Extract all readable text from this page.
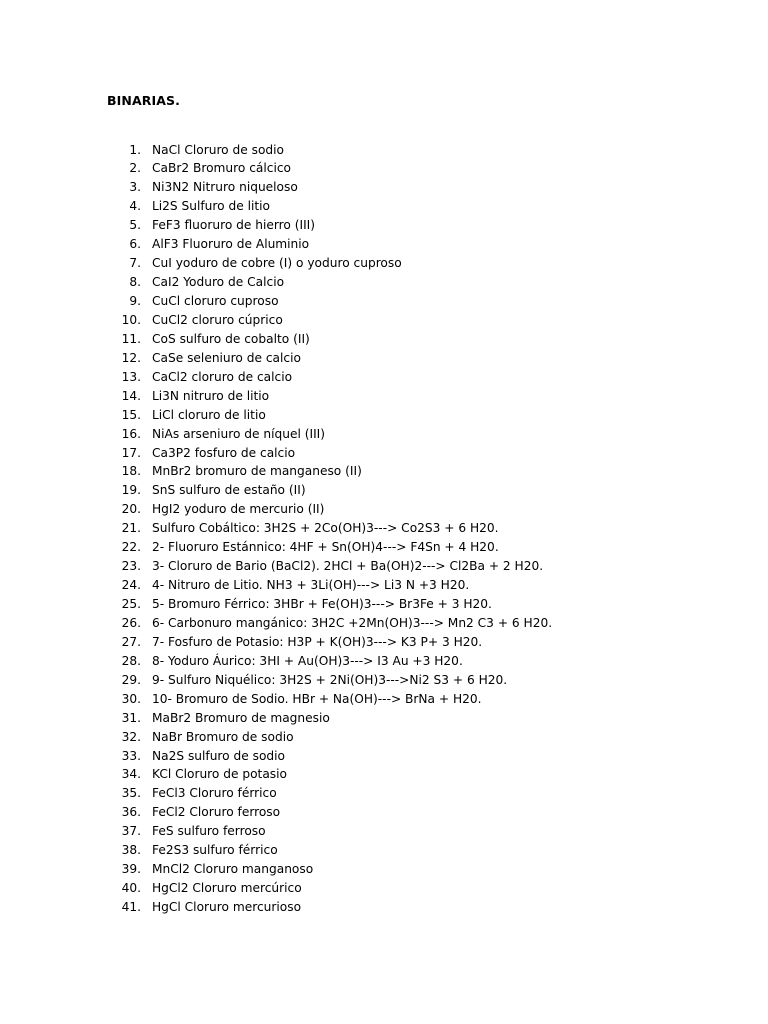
BINARIAS.
1. NaCl Cloruro de sodio
2. CaBr2 Bromuro cálcico
3. Ni3N2 Nitruro niqueloso
4. Li2S Sulfuro de litio
5. FeF3 fluoruro de hierro (III)
6. AlF3 Fluoruro de Aluminio
7. CuI yoduro de cobre (I) o yoduro cuproso
8. CaI2 Yoduro de Calcio
9. CuCl cloruro cuproso
10. CuCl2 cloruro cúprico
11. CoS sulfuro de cobalto (II)
12. CaSe seleniuro de calcio
13. CaCl2 cloruro de calcio
14. Li3N nitruro de litio
15. LiCl cloruro de litio
16. NiAs arseniuro de níquel (III)
17. Ca3P2 fosfuro de calcio
18. MnBr2 bromuro de manganeso (II)
19. SnS sulfuro de estaño (II)
20. HgI2 yoduro de mercurio (II)
21. Sulfuro Cobáltico: 3H2S + 2Co(OH)3---> Co2S3 + 6 H20.
22. 2- Fluoruro Estánnico: 4HF + Sn(OH)4---> F4Sn + 4 H20.
23. 3- Cloruro de Bario (BaCl2). 2HCl + Ba(OH)2---> Cl2Ba + 2 H20.
24. 4- Nitruro de Litio. NH3 + 3Li(OH)---> Li3 N +3 H20.
25. 5- Bromuro Férrico: 3HBr + Fe(OH)3---> Br3Fe + 3 H20.
26. 6- Carbonuro mangánico: 3H2C +2Mn(OH)3---> Mn2 C3 + 6 H20.
27. 7- Fosfuro de Potasio: H3P + K(OH)3---> K3 P+ 3 H20.
28. 8- Yoduro Áurico: 3HI + Au(OH)3---> I3 Au +3 H20.
29. 9- Sulfuro Niquélico: 3H2S + 2Ni(OH)3--->Ni2 S3 + 6 H20.
30. 10- Bromuro de Sodio. HBr + Na(OH)---> BrNa + H20.
31. MaBr2 Bromuro de magnesio
32. NaBr Bromuro de sodio
33. Na2S sulfuro de sodio
34. KCl Cloruro de potasio
35. FeCl3 Cloruro férrico
36. FeCl2 Cloruro ferroso
37. FeS sulfuro ferroso
38. Fe2S3 sulfuro férrico
39. MnCl2 Cloruro manganoso
40. HgCl2 Cloruro mercúrico
41. HgCl Cloruro mercurioso
